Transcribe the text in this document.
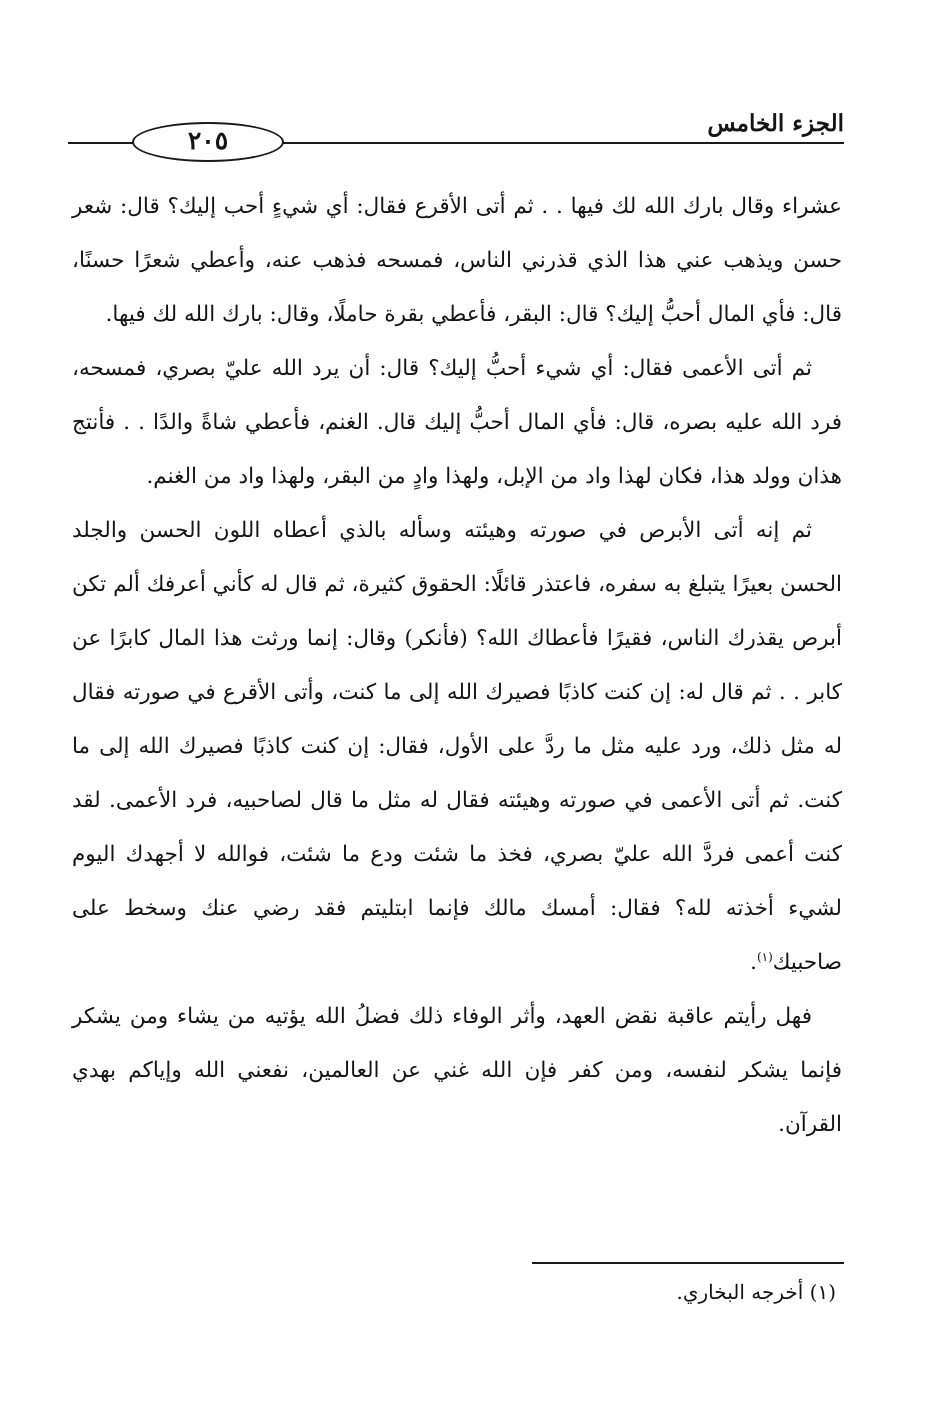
٢٠٥
الجزء الخامس

عشراء وقال بارك الله لك فيها . . ثم أتى الأقرع فقال: أي شيءٍ أحب إليك؟ قال: شعر حسن ويذهب عني هذا الذي قذرني الناس، فمسحه فذهب عنه، وأعطي شعرًا حسنًا، قال: فأي المال أحبُّ إليك؟ قال: البقر، فأعطي بقرة حاملًا، وقال: بارك الله لك فيها.

ثم أتى الأعمى فقال: أي شيء أحبُّ إليك؟ قال: أن يرد الله عليّ بصري، فمسحه، فرد الله عليه بصره، قال: فأي المال أحبُّ إليك قال. الغنم، فأعطي شاةً والدًا . . فأنتج هذان وولد هذا، فكان لهذا واد من الإبل، ولهذا وادٍ من البقر، ولهذا واد من الغنم.

ثم إنه أتى الأبرص في صورته وهيئته وسأله بالذي أعطاه اللون الحسن والجلد الحسن بعيرًا يتبلغ به سفره، فاعتذر قائلًا: الحقوق كثيرة، ثم قال له كأني أعرفك ألم تكن أبرص يقذرك الناس، فقيرًا فأعطاك الله؟ (فأنكر) وقال: إنما ورثت هذا المال كابرًا عن كابر . . ثم قال له: إن كنت كاذبًا فصيرك الله إلى ما كنت، وأتى الأقرع في صورته فقال له مثل ذلك، ورد عليه مثل ما ردَّ على الأول، فقال: إن كنت كاذبًا فصيرك الله إلى ما كنت. ثم أتى الأعمى في صورته وهيئته فقال له مثل ما قال لصاحبيه، فرد الأعمى. لقد كنت أعمى فردَّ الله عليّ بصري، فخذ ما شئت ودع ما شئت، فوالله لا أجهدك اليوم لشيء أخذته لله؟ فقال: أمسك مالك فإنما ابتليتم فقد رضي عنك وسخط على صاحبيك$^{(١)}$.

فهل رأيتم عاقبة نقض العهد، وأثر الوفاء ذلك فضلُ الله يؤتيه من يشاء ومن يشكر فإنما يشكر لنفسه، ومن كفر فإن الله غني عن العالمين، نفعني الله وإياكم بهدي القرآن.

(١) أخرجه البخاري.
